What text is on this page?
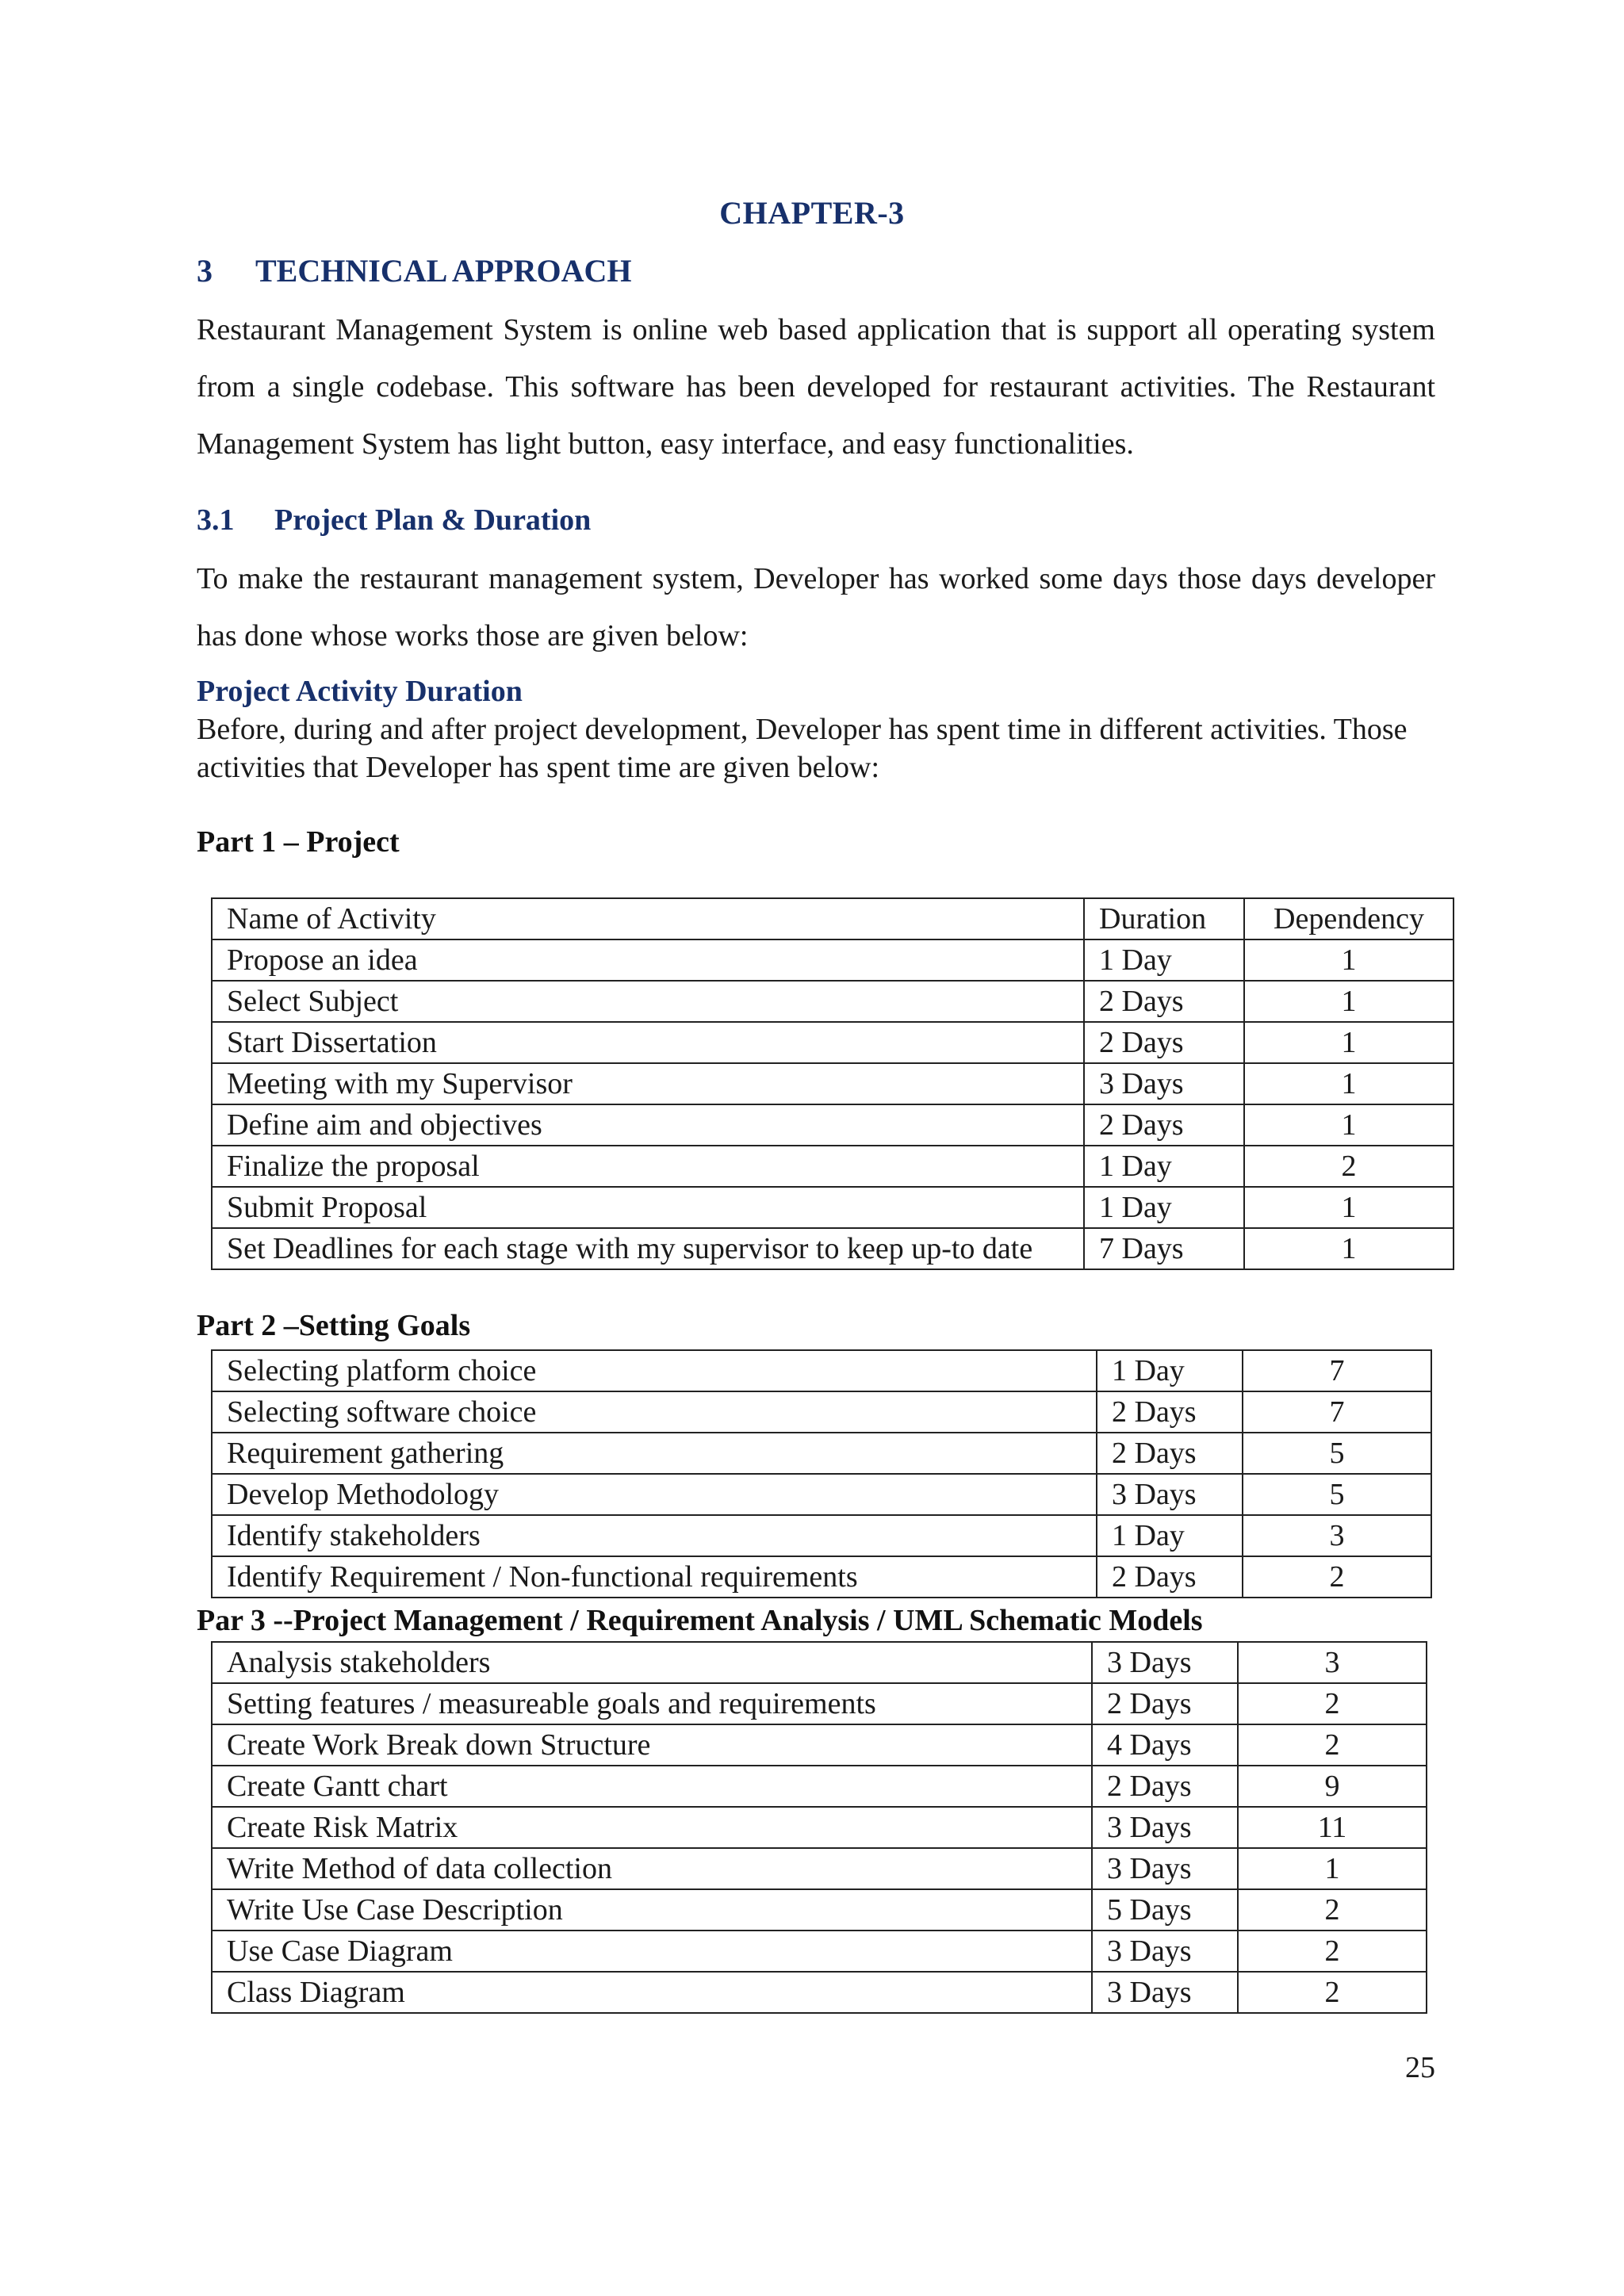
CHAPTER-3
3 TECHNICAL APPROACH
Restaurant Management System is online web based application that is support all operating system from a single codebase. This software has been developed for restaurant activities. The Restaurant Management System has light button, easy interface, and easy functionalities.
3.1 Project Plan & Duration
To make the restaurant management system, Developer has worked some days those days developer has done whose works those are given below:
Project Activity Duration
Before, during and after project development, Developer has spent time in different activities. Those activities that Developer has spent time are given below:
Part 1 – Project
Name of Activity	Duration	Dependency
Propose an idea	1 Day	1
Select Subject	2 Days	1
Start Dissertation	2 Days	1
Meeting with my Supervisor	3 Days	1
Define aim and objectives	2 Days	1
Finalize the proposal	1 Day	2
Submit Proposal	1 Day	1
Set Deadlines for each stage with my supervisor to keep up-to date	7 Days	1
Part 2 –Setting Goals
Selecting platform choice	1 Day	7
Selecting software choice	2 Days	7
Requirement gathering	2 Days	5
Develop Methodology	3 Days	5
Identify stakeholders	1 Day	3
Identify Requirement / Non-functional requirements	2 Days	2
Par 3 --Project Management / Requirement Analysis / UML Schematic Models
Analysis stakeholders	3 Days	3
Setting features / measureable goals and requirements	2 Days	2
Create Work Break down Structure	4 Days	2
Create Gantt chart	2 Days	9
Create Risk Matrix	3 Days	11
Write Method of data collection	3 Days	1
Write Use Case Description	5 Days	2
Use Case Diagram	3 Days	2
Class Diagram	3 Days	2
25
